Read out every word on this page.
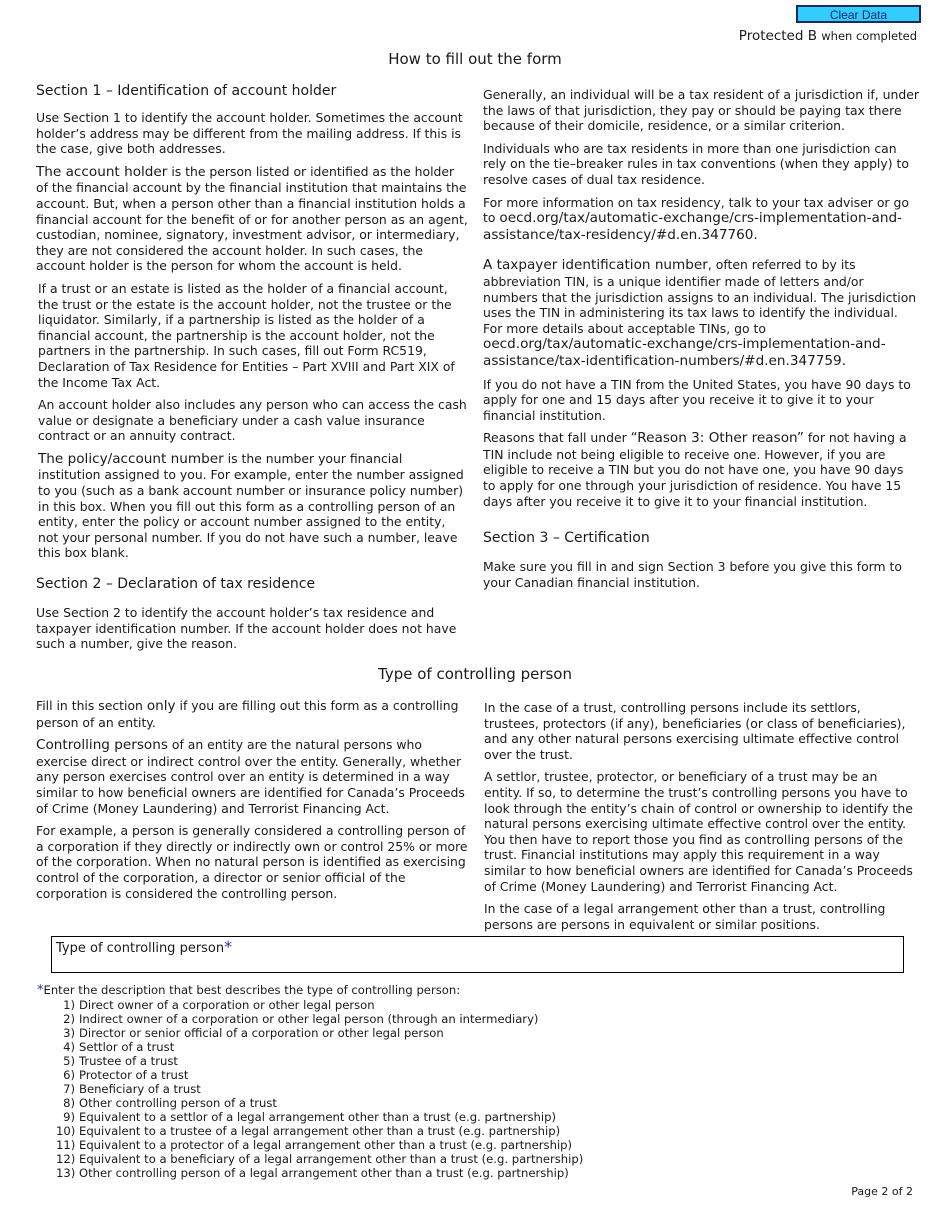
Clear Data
Protected B when completed
How to fill out the form
Section 1 – Identification of account holder

Use Section 1 to identify the account holder. Sometimes the account holder’s address may be different from the mailing address. If this is the case, give both addresses.

The account holder is the person listed or identified as the holder of the financial account by the financial institution that maintains the account. But, when a person other than a financial institution holds a financial account for the benefit of or for another person as an agent, custodian, nominee, signatory, investment advisor, or intermediary, they are not considered the account holder. In such cases, the account holder is the person for whom the account is held.

If a trust or an estate is listed as the holder of a financial account, the trust or the estate is the account holder, not the trustee or the liquidator. Similarly, if a partnership is listed as the holder of a financial account, the partnership is the account holder, not the partners in the partnership. In such cases, fill out Form RC519, Declaration of Tax Residence for Entities – Part XVIII and Part XIX of the Income Tax Act.

An account holder also includes any person who can access the cash value or designate a beneficiary under a cash value insurance contract or an annuity contract.

The policy/account number is the number your financial institution assigned to you. For example, enter the number assigned to you (such as a bank account number or insurance policy number) in this box. When you fill out this form as a controlling person of an entity, enter the policy or account number assigned to the entity, not your personal number. If you do not have such a number, leave this box blank.

Section 2 – Declaration of tax residence

Use Section 2 to identify the account holder’s tax residence and taxpayer identification number. If the account holder does not have such a number, give the reason.

Generally, an individual will be a tax resident of a jurisdiction if, under the laws of that jurisdiction, they pay or should be paying tax there because of their domicile, residence, or a similar criterion.

Individuals who are tax residents in more than one jurisdiction can rely on the tie–breaker rules in tax conventions (when they apply) to resolve cases of dual tax residence.

For more information on tax residency, talk to your tax adviser or go to oecd.org/tax/automatic-exchange/crs-implementation-and-assistance/tax-residency/#d.en.347760.

A taxpayer identification number, often referred to by its abbreviation TIN, is a unique identifier made of letters and/or numbers that the jurisdiction assigns to an individual. The jurisdiction uses the TIN in administering its tax laws to identify the individual. For more details about acceptable TINs, go to oecd.org/tax/automatic-exchange/crs-implementation-and-assistance/tax-identification-numbers/#d.en.347759.

If you do not have a TIN from the United States, you have 90 days to apply for one and 15 days after you receive it to give it to your financial institution.

Reasons that fall under “Reason 3: Other reason” for not having a TIN include not being eligible to receive one. However, if you are eligible to receive a TIN but you do not have one, you have 90 days to apply for one through your jurisdiction of residence. You have 15 days after you receive it to give it to your financial institution.

Section 3 – Certification

Make sure you fill in and sign Section 3 before you give this form to your Canadian financial institution.

Type of controlling person

Fill in this section only if you are filling out this form as a controlling person of an entity.

Controlling persons of an entity are the natural persons who exercise direct or indirect control over the entity. Generally, whether any person exercises control over an entity is determined in a way similar to how beneficial owners are identified for Canada’s Proceeds of Crime (Money Laundering) and Terrorist Financing Act.

For example, a person is generally considered a controlling person of a corporation if they directly or indirectly own or control 25% or more of the corporation. When no natural person is identified as exercising control of the corporation, a director or senior official of the corporation is considered the controlling person.

In the case of a trust, controlling persons include its settlors, trustees, protectors (if any), beneficiaries (or class of beneficiaries), and any other natural persons exercising ultimate effective control over the trust.

A settlor, trustee, protector, or beneficiary of a trust may be an entity. If so, to determine the trust’s controlling persons you have to look through the entity’s chain of control or ownership to identify the natural persons exercising ultimate effective control over the entity. You then have to report those you find as controlling persons of the trust. Financial institutions may apply this requirement in a way similar to how beneficial owners are identified for Canada’s Proceeds of Crime (Money Laundering) and Terrorist Financing Act.

In the case of a legal arrangement other than a trust, controlling persons are persons in equivalent or similar positions.

Type of controlling person*
*Enter the description that best describes the type of controlling person:
1) Direct owner of a corporation or other legal person
2) Indirect owner of a corporation or other legal person (through an intermediary)
3) Director or senior official of a corporation or other legal person
4) Settlor of a trust
5) Trustee of a trust
6) Protector of a trust
7) Beneficiary of a trust
8) Other controlling person of a trust
9) Equivalent to a settlor of a legal arrangement other than a trust (e.g. partnership)
10) Equivalent to a trustee of a legal arrangement other than a trust (e.g. partnership)
11) Equivalent to a protector of a legal arrangement other than a trust (e.g. partnership)
12) Equivalent to a beneficiary of a legal arrangement other than a trust (e.g. partnership)
13) Other controlling person of a legal arrangement other than a trust (e.g. partnership)
Page 2 of 2
